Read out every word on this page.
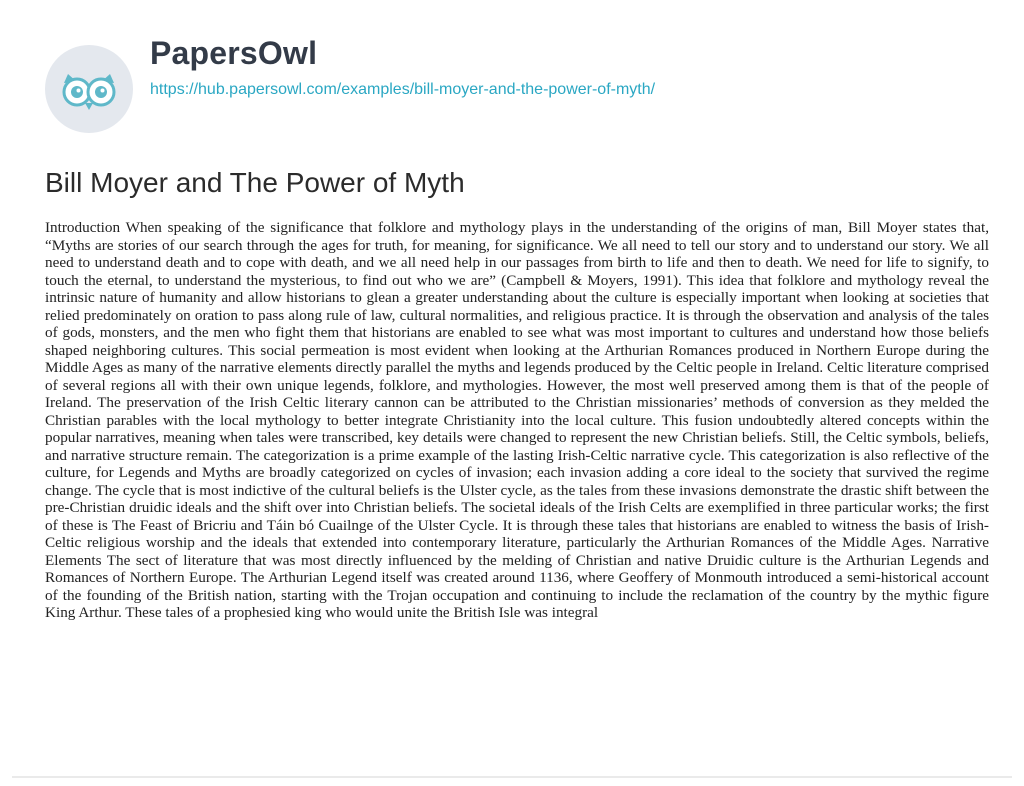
PapersOwl
https://hub.papersowl.com/examples/bill-moyer-and-the-power-of-myth/
Bill Moyer and The Power of Myth

Introduction When speaking of the significance that folklore and mythology plays in the understanding of the origins of man, Bill Moyer states that, “Myths are stories of our search through the ages for truth, for meaning, for significance. We all need to tell our story and to understand our story. We all need to understand death and to cope with death, and we all need help in our passages from birth to life and then to death. We need for life to signify, to touch the eternal, to understand the mysterious, to find out who we are” (Campbell & Moyers, 1991). This idea that folklore and mythology reveal the intrinsic nature of humanity and allow historians to glean a greater understanding about the culture is especially important when looking at societies that relied predominately on oration to pass along rule of law, cultural normalities, and religious practice. It is through the observation and analysis of the tales of gods, monsters, and the men who fight them that historians are enabled to see what was most important to cultures and understand how those beliefs shaped neighboring cultures. This social permeation is most evident when looking at the Arthurian Romances produced in Northern Europe during the Middle Ages as many of the narrative elements directly parallel the myths and legends produced by the Celtic people in Ireland. Celtic literature comprised of several regions all with their own unique legends, folklore, and mythologies. However, the most well preserved among them is that of the people of Ireland. The preservation of the Irish Celtic literary cannon can be attributed to the Christian missionaries’ methods of conversion as they melded the Christian parables with the local mythology to better integrate Christianity into the local culture. This fusion undoubtedly altered concepts within the popular narratives, meaning when tales were transcribed, key details were changed to represent the new Christian beliefs. Still, the Celtic symbols, beliefs, and narrative structure remain. The categorization is a prime example of the lasting Irish-Celtic narrative cycle. This categorization is also reflective of the culture, for Legends and Myths are broadly categorized on cycles of invasion; each invasion adding a core ideal to the society that survived the regime change. The cycle that is most indictive of the cultural beliefs is the Ulster cycle, as the tales from these invasions demonstrate the drastic shift between the pre-Christian druidic ideals and the shift over into Christian beliefs. The societal ideals of the Irish Celts are exemplified in three particular works; the first of these is The Feast of Bricriu and Táin bó Cuailnge of the Ulster Cycle. It is through these tales that historians are enabled to witness the basis of Irish-Celtic religious worship and the ideals that extended into contemporary literature, particularly the Arthurian Romances of the Middle Ages. Narrative Elements The sect of literature that was most directly influenced by the melding of Christian and native Druidic culture is the Arthurian Legends and Romances of Northern Europe. The Arthurian Legend itself was created around 1136, where Geoffery of Monmouth introduced a semi-historical account of the founding of the British nation, starting with the Trojan occupation and continuing to include the reclamation of the country by the mythic figure King Arthur. These tales of a prophesied king who would unite the British Isle was integral
